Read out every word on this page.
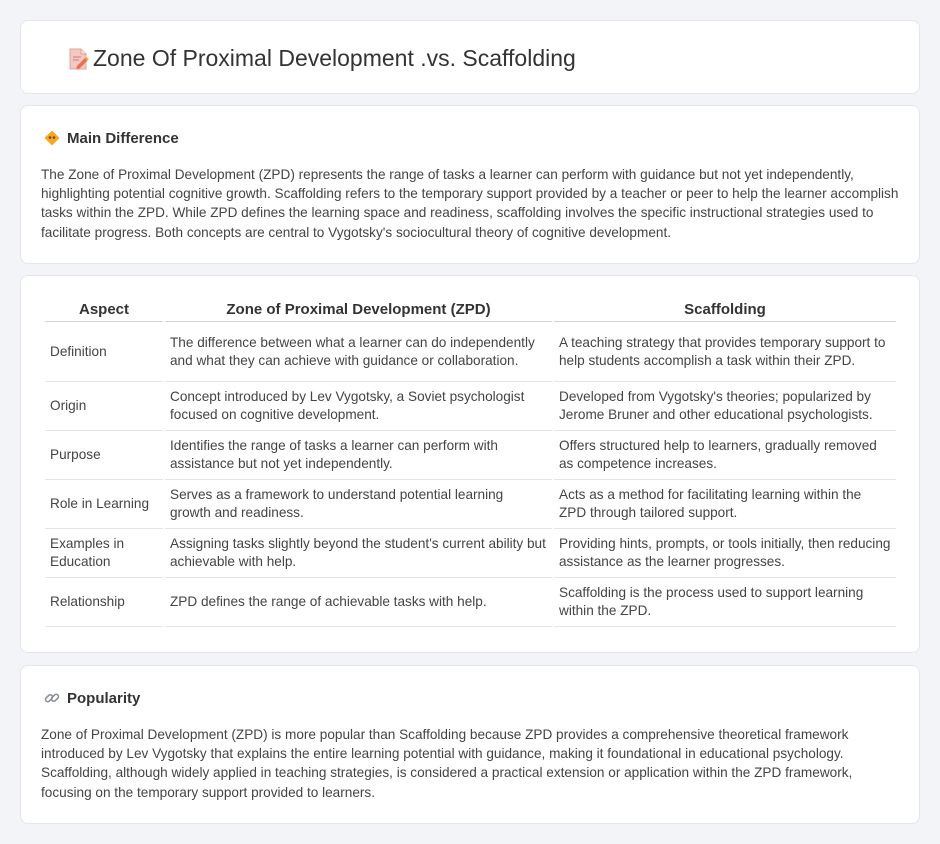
Zone Of Proximal Development .vs. Scaffolding
Main Difference

The Zone of Proximal Development (ZPD) represents the range of tasks a learner can perform with guidance but not yet independently, highlighting potential cognitive growth. Scaffolding refers to the temporary support provided by a teacher or peer to help the learner accomplish tasks within the ZPD. While ZPD defines the learning space and readiness, scaffolding involves the specific instructional strategies used to facilitate progress. Both concepts are central to Vygotsky's sociocultural theory of cognitive development.

Aspect	Zone of Proximal Development (ZPD)	Scaffolding
Definition	The difference between what a learner can do independently and what they can achieve with guidance or collaboration.	A teaching strategy that provides temporary support to help students accomplish a task within their ZPD.
Origin	Concept introduced by Lev Vygotsky, a Soviet psychologist focused on cognitive development.	Developed from Vygotsky's theories; popularized by Jerome Bruner and other educational psychologists.
Purpose	Identifies the range of tasks a learner can perform with assistance but not yet independently.	Offers structured help to learners, gradually removed as competence increases.
Role in Learning	Serves as a framework to understand potential learning growth and readiness.	Acts as a method for facilitating learning within the ZPD through tailored support.
Examples in Education	Assigning tasks slightly beyond the student's current ability but achievable with help.	Providing hints, prompts, or tools initially, then reducing assistance as the learner progresses.
Relationship	ZPD defines the range of achievable tasks with help.	Scaffolding is the process used to support learning within the ZPD.
Popularity

Zone of Proximal Development (ZPD) is more popular than Scaffolding because ZPD provides a comprehensive theoretical framework introduced by Lev Vygotsky that explains the entire learning potential with guidance, making it foundational in educational psychology. Scaffolding, although widely applied in teaching strategies, is considered a practical extension or application within the ZPD framework, focusing on the temporary support provided to learners.
